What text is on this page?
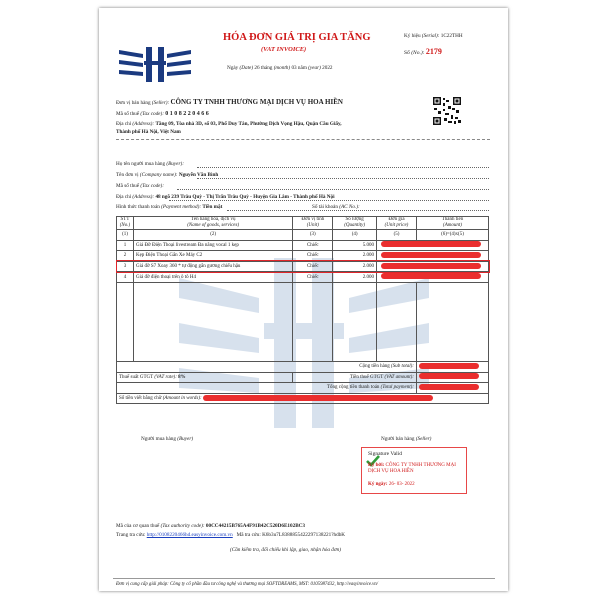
HÓA ĐƠN GIÁ TRỊ GIA TĂNG
(VAT INVOICE)
Ngày (Date) 26 tháng (month) 03 năm (year) 2022
Ký hiệu (Serial): 1C22THH
Số (No.): 2179
Đơn vị bán hàng (Seller): CÔNG TY TNHH THƯƠNG MẠI DỊCH VỤ HOA HIỀN
Mã số thuế (Tax code): 0 1 0 8 2 2 0 4 6 6
Địa chỉ (Address): Tầng 09, Tòa nhà 3D, số 03, Phố Duy Tân, Phường Dịch Vọng Hậu, Quận Cầu Giấy,
Thành phố Hà Nội, Việt Nam
Họ tên người mua hàng (Buyer):
Tên đơn vị (Company name): Nguyễn Văn Bình
Mã số thuế (Tax code):
Địa chỉ (Address): 48 ngõ 239 Trâu Quỳ - Thị Trấn Trâu Quỳ - Huyện Gia Lâm - Thành phố Hà Nội
Hình thức thanh toán (Payment method): Tiền mặt	Số tài khoản (AC No.):
STT
(No.)	Tên hàng hóa, dịch vụ
(Name of goods, services)	Đơn vị tính
(Unit)	Số lượng
(Quantity)	Đơn giá
(Unit price)	Thành tiền
(Amount)
(1)	(2)	(3)	(4)	(5)	(6)=(4)x(5)
1	Giá Đỡ Điện Thoại livestream Đa năng vocal 1 kẹp	Chiếc	5.000		
2	Kẹp Điện Thoại Gắn Xe Máy C2	Chiếc	2.000		
3	Giá đỡ S7 Xoay 360 * tự động gắn gương chiếu hậu	Chiếc	2.000		
4	Giá đỡ điện thoại trên ô tô H4	Chiếc	2.000		

Cộng tiền hàng (Sub total):					
Thuế suất GTGT (VAT rate): 8%		Tiền thuế GTGT (VAT amount):			
Tổng cộng tiền thanh toán (Total payment):					
Số tiền viết bằng chữ (Amount in words):					
Người mua hàng (Buyer)	Người bán hàng (Seller)
Signature Valid
Ký bởi: CÔNG TY TNHH THƯƠNG MẠI DỊCH VỤ HOA HIỀN
Ký ngày: 26- 03- 2022
Mã của cơ quan thuế (Tax authority code): 00CC44215B765A4F91B42C520D6E102BC3
Trang tra cứu: http://0108220466hd.easyinvoice.com.vn Mã tra cứu: K6b3u7L8388855422297138221?hdbK
(Cần kiểm tra, đối chiếu khi lập, giao, nhận hóa đơn)
Đơn vị cung cấp giải pháp: Công ty cổ phần đầu tư công nghệ và thương mại SOFTDREAMS, MST: 0105987432, http://easyinvoice.vn/
